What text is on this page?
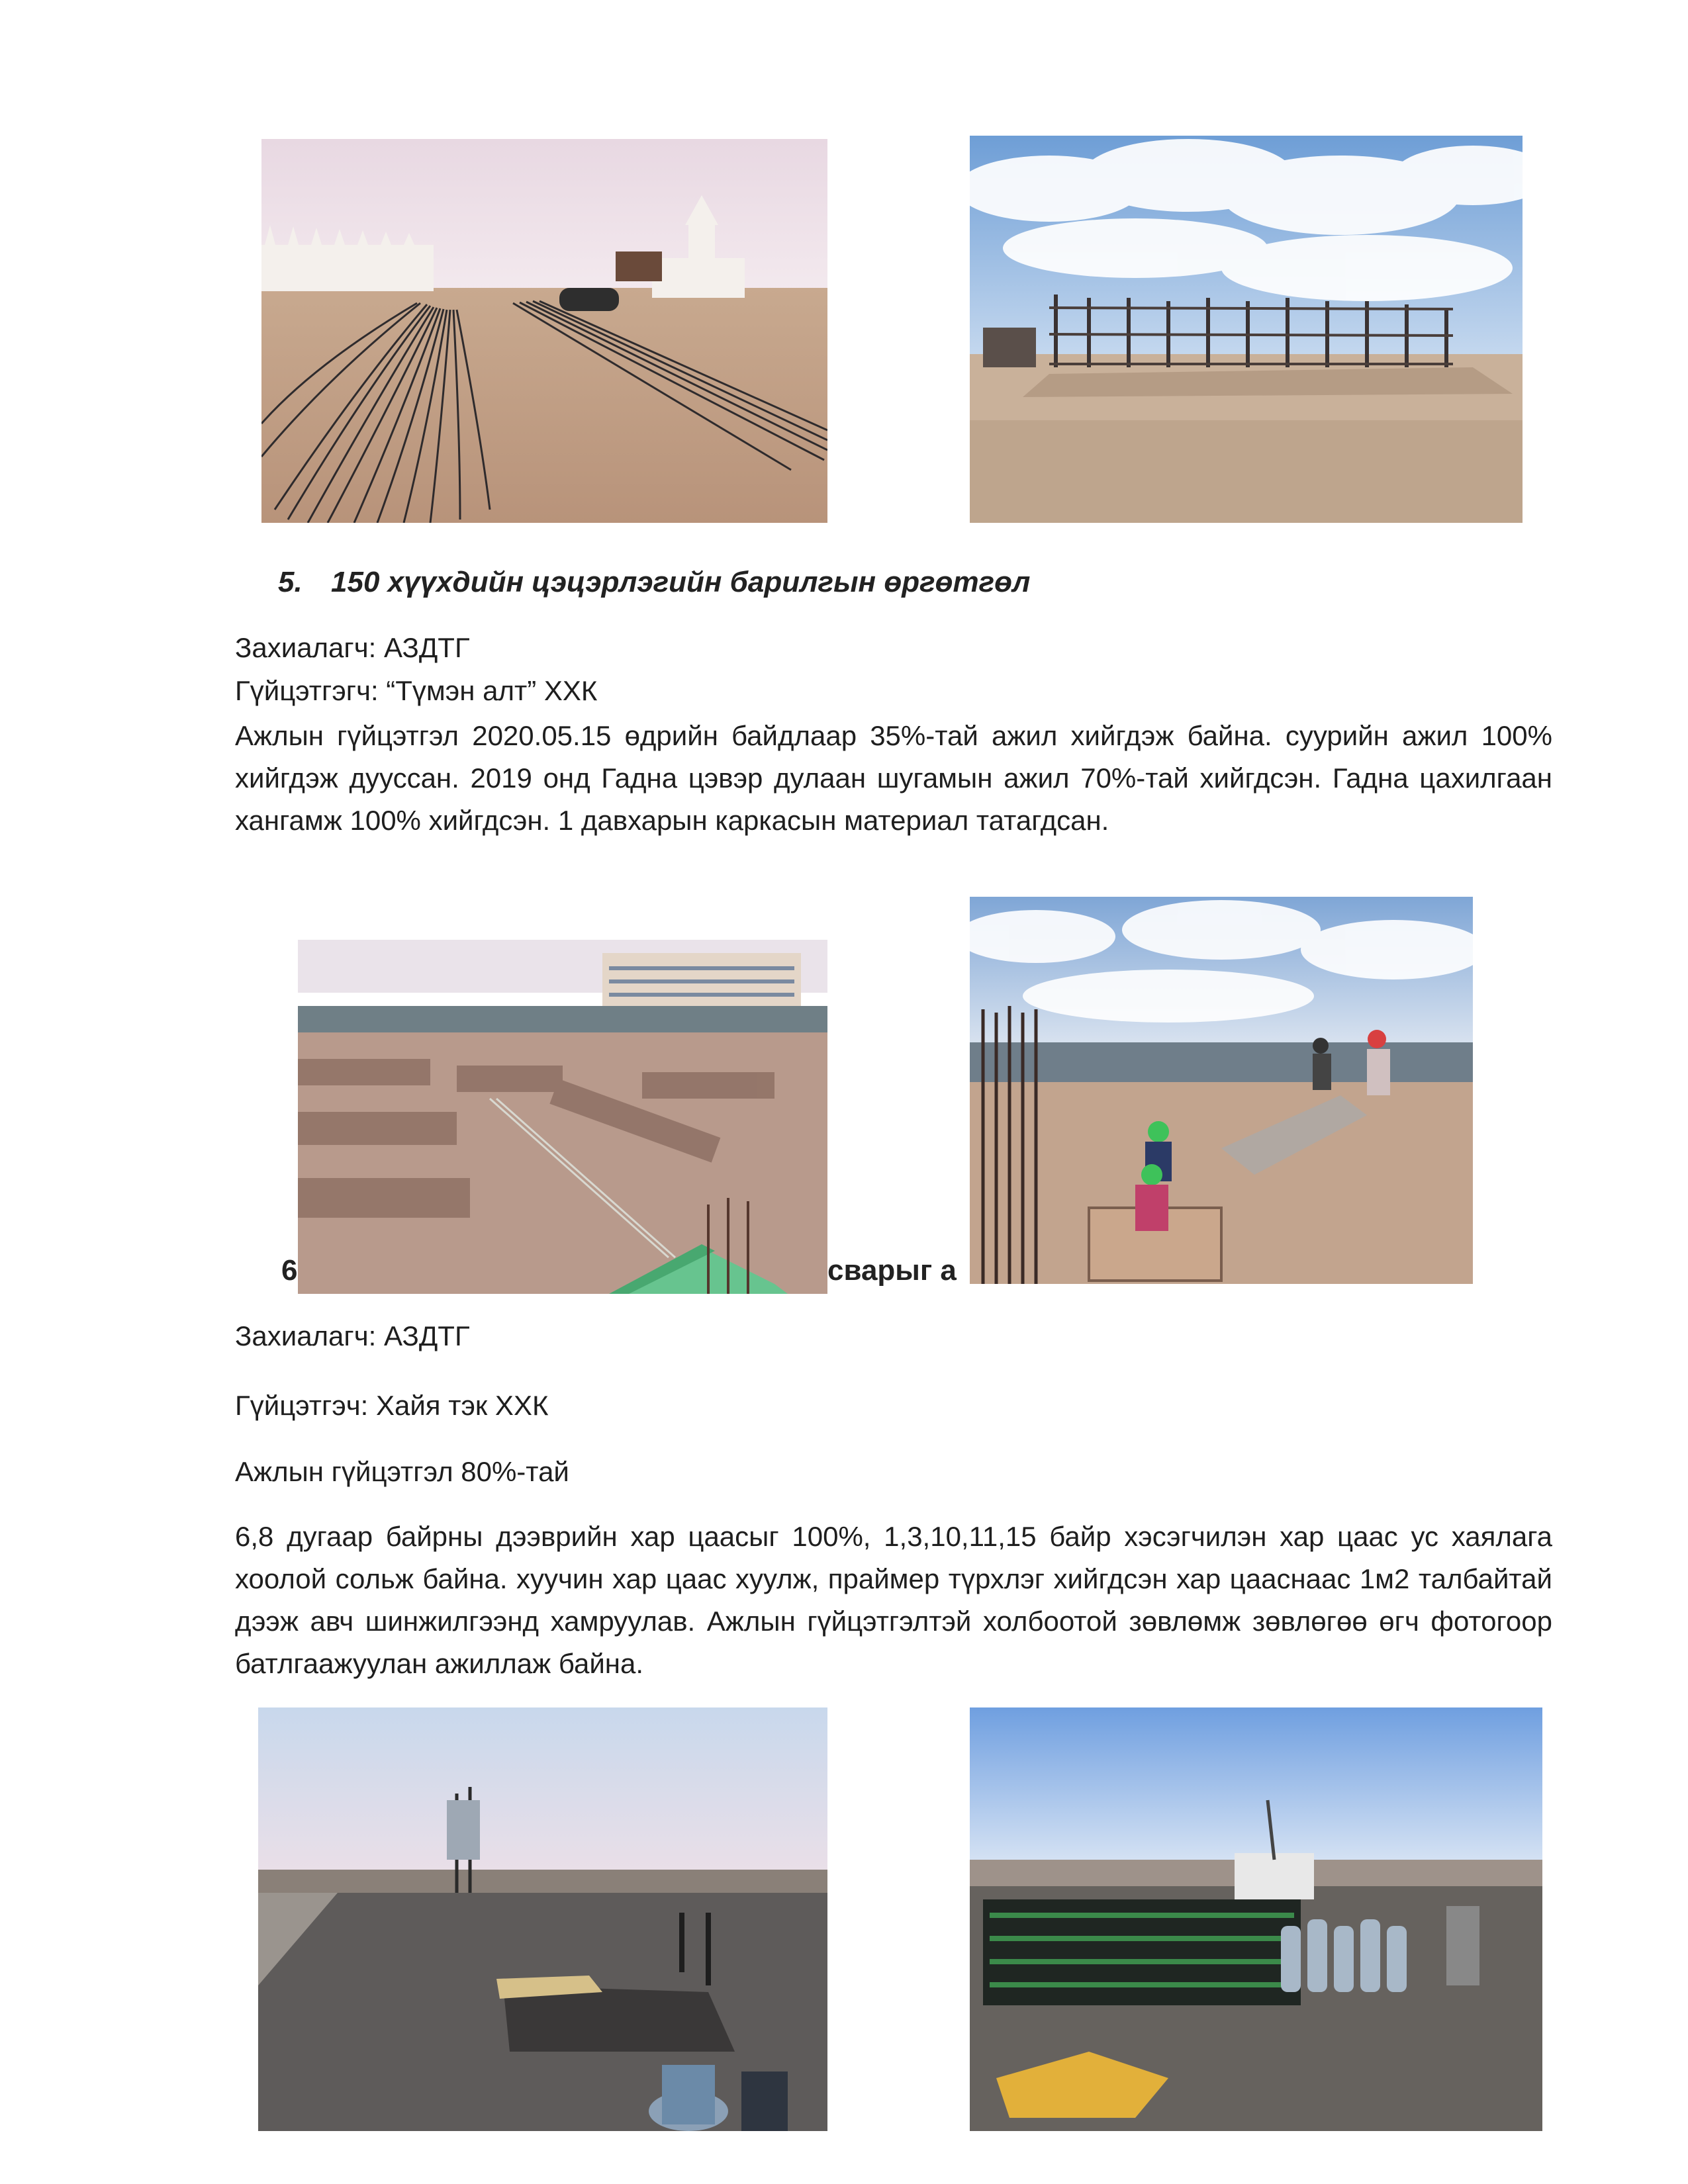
5. 150 хүүхдийн цэцэрлэгийн барилгын өргөтгөл
Захиалагч: АЗДТГ
Гүйцэтгэгч: “Түмэн алт” ХХК
Ажлын гүйцэтгэл 2020.05.15 өдрийн байдлаар 35%-тай ажил хийгдэж байна. суурийн ажил 100% хийгдэж дууссан. 2019 онд Гадна цэвэр дулаан шугамын ажил 70%-тай хийгдсэн. Гадна цахилгаан хангамж 100% хийгдсэн. 1 давхарын каркасын материал татагдсан.
6	сварыг а
Захиалагч: АЗДТГ
Гүйцэтгэч: Хайя тэк ХХК
Ажлын гүйцэтгэл 80%-тай
6,8 дугаар байрны дээврийн хар цаасыг 100%, 1,3,10,11,15 байр хэсэгчилэн хар цаас ус хаялага хоолой сольж байна. хуучин хар цаас хуулж, праймер түрхлэг хийгдсэн хар цааснаас 1м2 талбайтай дээж авч шинжилгээнд хамруулав. Ажлын гүйцэтгэлтэй холбоотой зөвлөмж зөвлөгөө өгч фотогоор батлгаажуулан ажиллаж байна.
